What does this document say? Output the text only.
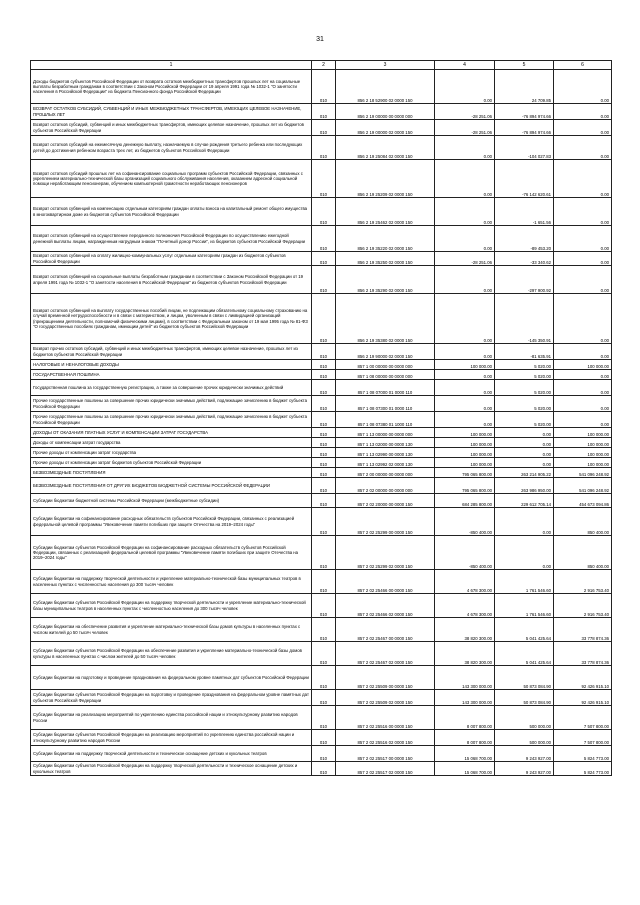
31
1	2	3	4	5	6
Доходы бюджетов субъектов Российской Федерации от возврата остатков межбюджетных трансфертов прошлых лет на социальные выплаты безработным гражданам в соответствии с Законом Российской Федерации от 19 апреля 1991 года № 1032-1 "О занятости населения в Российской Федерации" из бюджета Пенсионного фонда Российской Федерации	010	856 2 18 52900 02 0000 150	0.00	24 709.85	0.00
ВОЗВРАТ ОСТАТКОВ СУБСИДИЙ, СУБВЕНЦИЙ И ИНЫХ МЕЖБЮДЖЕТНЫХ ТРАНСФЕРТОВ, ИМЕЮЩИХ ЦЕЛЕВОЕ НАЗНАЧЕНИЕ, ПРОШЛЫХ ЛЕТ	010	856 2 19 00000 00 0000 000	-28 251.06	-76 894 974.66	0.00
Возврат остатков субсидий, субвенций и иных межбюджетных трансфертов, имеющих целевое назначение, прошлых лет из бюджетов субъектов Российской Федерации	010	856 2 19 00000 02 0000 150	-28 251.06	-76 894 974.66	0.00
Возврат остатков субсидий на ежемесячную денежную выплату, назначаемую в случае рождения третьего ребенка или последующих детей до достижения ребенком возраста трех лет, из бюджетов субъектов Российской Федерации	010	856 2 19 25084 02 0000 150	0.00	-104 027.83	0.00
Возврат остатков субсидий прошлых лет на софинансирование социальных программ субъектов Российской Федерации, связанных с укреплением материально-технической базы организаций социального обслуживания населения, оказанием адресной социальной помощи неработающим пенсионерам, обучением компьютерной грамотности неработающих пенсионеров	010	856 2 19 25209 02 0000 150	0.00	-76 142 620.61	0.00
Возврат остатков субвенций на компенсацию отдельным категориям граждан оплаты взноса на капитальный ремонт общего имущества в многоквартирном доме из бюджетов субъектов Российской Федерации	010	856 2 19 25462 02 0000 150	0.00	-1 651.56	0.00
Возврат остатков субвенций на осуществление переданного полномочия Российской Федерации по осуществлению ежегодной денежной выплаты лицам, награжденным нагрудным знаком "Почетный донор России", из бюджетов субъектов Российской Федерации	010	856 2 19 35220 02 0000 150	0.00	-89 453.20	0.00
Возврат остатков субвенций на оплату жилищно-коммунальных услуг отдельным категориям граждан из бюджетов субъектов Российской Федерации	010	856 2 19 35250 02 0000 150	-28 251.06	-33 340.62	0.00
Возврат остатков субвенций на социальные выплаты безработным гражданам в соответствии с Законом Российской Федерации от 19 апреля 1991 года № 1032-1 "О занятости населения в Российской Федерации" из бюджетов субъектов Российской Федерации	010	856 2 19 35290 02 0000 150	0.00	-297 900.92	0.00
Возврат остатков субвенций на выплату государственных пособий лицам, не подлежащим обязательному социальному страхованию на случай временной нетрудоспособности и в связи с материнством, и лицам, уволенным в связи с ликвидацией организаций (прекращением деятельности, полномочий физическими лицами), в соответствии с Федеральным законом от 19 мая 1995 года № 81-ФЗ "О государственных пособиях гражданам, имеющим детей" из бюджетов субъектов Российской Федерации	010	856 2 19 35380 02 0000 150	0.00	-145 350.91	0.00
Возврат прочих остатков субсидий, субвенций и иных межбюджетных трансфертов, имеющих целевое назначение, прошлых лет из бюджетов субъектов Российской Федерации	010	856 2 19 90000 02 0000 150	0.00	-81 635.91	0.00
НАЛОГОВЫЕ И НЕНАЛОГОВЫЕ ДОХОДЫ	010	857 1 00 00000 00 0000 000	100 000.00	5 020.00	100 000.00
ГОСУДАРСТВЕННАЯ ПОШЛИНА	010	857 1 08 00000 00 0000 000	0.00	5 020.00	0.00
Государственная пошлина за государственную регистрацию, а также за совершение прочих юридически значимых действий	010	857 1 08 07000 01 0000 110	0.00	5 020.00	0.00
Прочие государственные пошлины за совершение прочих юридически значимых действий, подлежащие зачислению в бюджет субъекта Российской Федерации	010	857 1 08 07300 01 0000 110	0.00	5 020.00	0.00
Прочие государственные пошлины за совершение прочих юридически значимых действий, подлежащие зачислению в бюджет субъекта Российской Федерации	010	857 1 08 07380 01 1000 110	0.00	5 020.00	0.00
ДОХОДЫ ОТ ОКАЗАНИЯ ПЛАТНЫХ УСЛУГ И КОМПЕНСАЦИИ ЗАТРАТ ГОСУДАРСТВА	010	857 1 13 00000 00 0000 000	100 000.00	0.00	100 000.00
Доходы от компенсации затрат государства	010	857 1 13 02000 00 0000 130	100 000.00	0.00	100 000.00
Прочие доходы от компенсации затрат государства	010	857 1 13 02990 00 0000 130	100 000.00	0.00	100 000.00
Прочие доходы от компенсации затрат бюджетов субъектов Российской Федерации	010	857 1 13 02992 02 0000 130	100 000.00	0.00	100 000.00
БЕЗВОЗМЕЗДНЫЕ ПОСТУПЛЕНИЯ	010	857 2 00 00000 00 0000 000	795 065 800.00	263 214 905.22	541 096 248.92
БЕЗВОЗМЕЗДНЫЕ ПОСТУПЛЕНИЯ ОТ ДРУГИХ БЮДЖЕТОВ БЮДЖЕТНОЙ СИСТЕМЫ РОССИЙСКОЙ ФЕДЕРАЦИИ	010	857 2 02 00000 00 0000 000	795 065 800.00	263 986 950.00	541 096 248.92
Субсидии бюджетам бюджетной системы Российской Федерации (межбюджетные субсидии)	010	857 2 02 20000 00 0000 150	684 285 800.00	229 612 705.14	454 673 094.86
Субсидии бюджетам на софинансирование расходных обязательств субъектов Российской Федерации, связанных с реализацией федеральной целевой программы "Увековечение памяти погибших при защите Отечества на 2019–2024 годы"	010	857 2 02 25299 00 0000 150	-850 400.00	0.00	850 400.00
Субсидии бюджетам субъектов Российской Федерации на софинансирование расходных обязательств субъектов Российской Федерации, связанных с реализацией федеральной целевой программы "Увековечение памяти погибших при защите Отечества на 2019–2024 годы"	010	857 2 02 25299 02 0000 150	-850 400.00	0.00	850 400.00
Субсидии бюджетам на поддержку творческой деятельности и укрепление материально-технической базы муниципальных театров в населенных пунктах с численностью населения до 300 тысяч человек	010	857 2 02 25466 00 0000 150	4 678 300.00	1 761 546.60	2 916 753.40
Субсидии бюджетам субъектов Российской Федерации на поддержку творческой деятельности и укрепление материально-технической базы муниципальных театров в населенных пунктах с численностью населения до 300 тысяч человек	010	857 2 02 25466 02 0000 150	4 678 300.00	1 761 546.60	2 916 753.40
Субсидии бюджетам на обеспечение развития и укрепление материально-технической базы домов культуры в населенных пунктах с числом жителей до 50 тысяч человек	010	857 2 02 25467 00 0000 150	38 820 300.00	5 041 425.64	33 778 874.36
Субсидии бюджетам субъектов Российской Федерации на обеспечение развития и укрепление материально-технической базы домов культуры в населенных пунктах с числом жителей до 50 тысяч человек	010	857 2 02 25467 02 0000 150	38 820 300.00	5 041 425.64	33 778 874.36
Субсидии бюджетам на подготовку и проведение празднования на федеральном уровне памятных дат субъектов Российской Федерации	010	857 2 02 25509 00 0000 150	143 300 000.00	50 873 084.90	92 426 915.10
Субсидии бюджетам субъектов Российской Федерации на подготовку и проведение празднования на федеральном уровне памятных дат субъектов Российской Федерации	010	857 2 02 25509 02 0000 150	143 300 000.00	50 873 084.90	92 426 915.10
Субсидии бюджетам на реализацию мероприятий по укреплению единства российской нации и этнокультурному развитию народов России	010	857 2 02 25516 00 0000 150	8 007 800.00	500 000.00	7 507 800.00
Субсидии бюджетам субъектов Российской Федерации на реализацию мероприятий по укреплению единства российской нации и этнокультурному развитию народов России	010	857 2 02 25516 02 0000 150	8 007 800.00	500 000.00	7 507 800.00
Субсидии бюджетам на поддержку творческой деятельности и техническое оснащение детских и кукольных театров	010	857 2 02 25517 00 0000 150	15 068 700.00	9 243 927.00	5 824 773.00
Субсидии бюджетам субъектов Российской Федерации на поддержку творческой деятельности и техническое оснащение детских и кукольных театров	010	857 2 02 25517 02 0000 150	15 068 700.00	9 243 927.00	5 824 773.00
